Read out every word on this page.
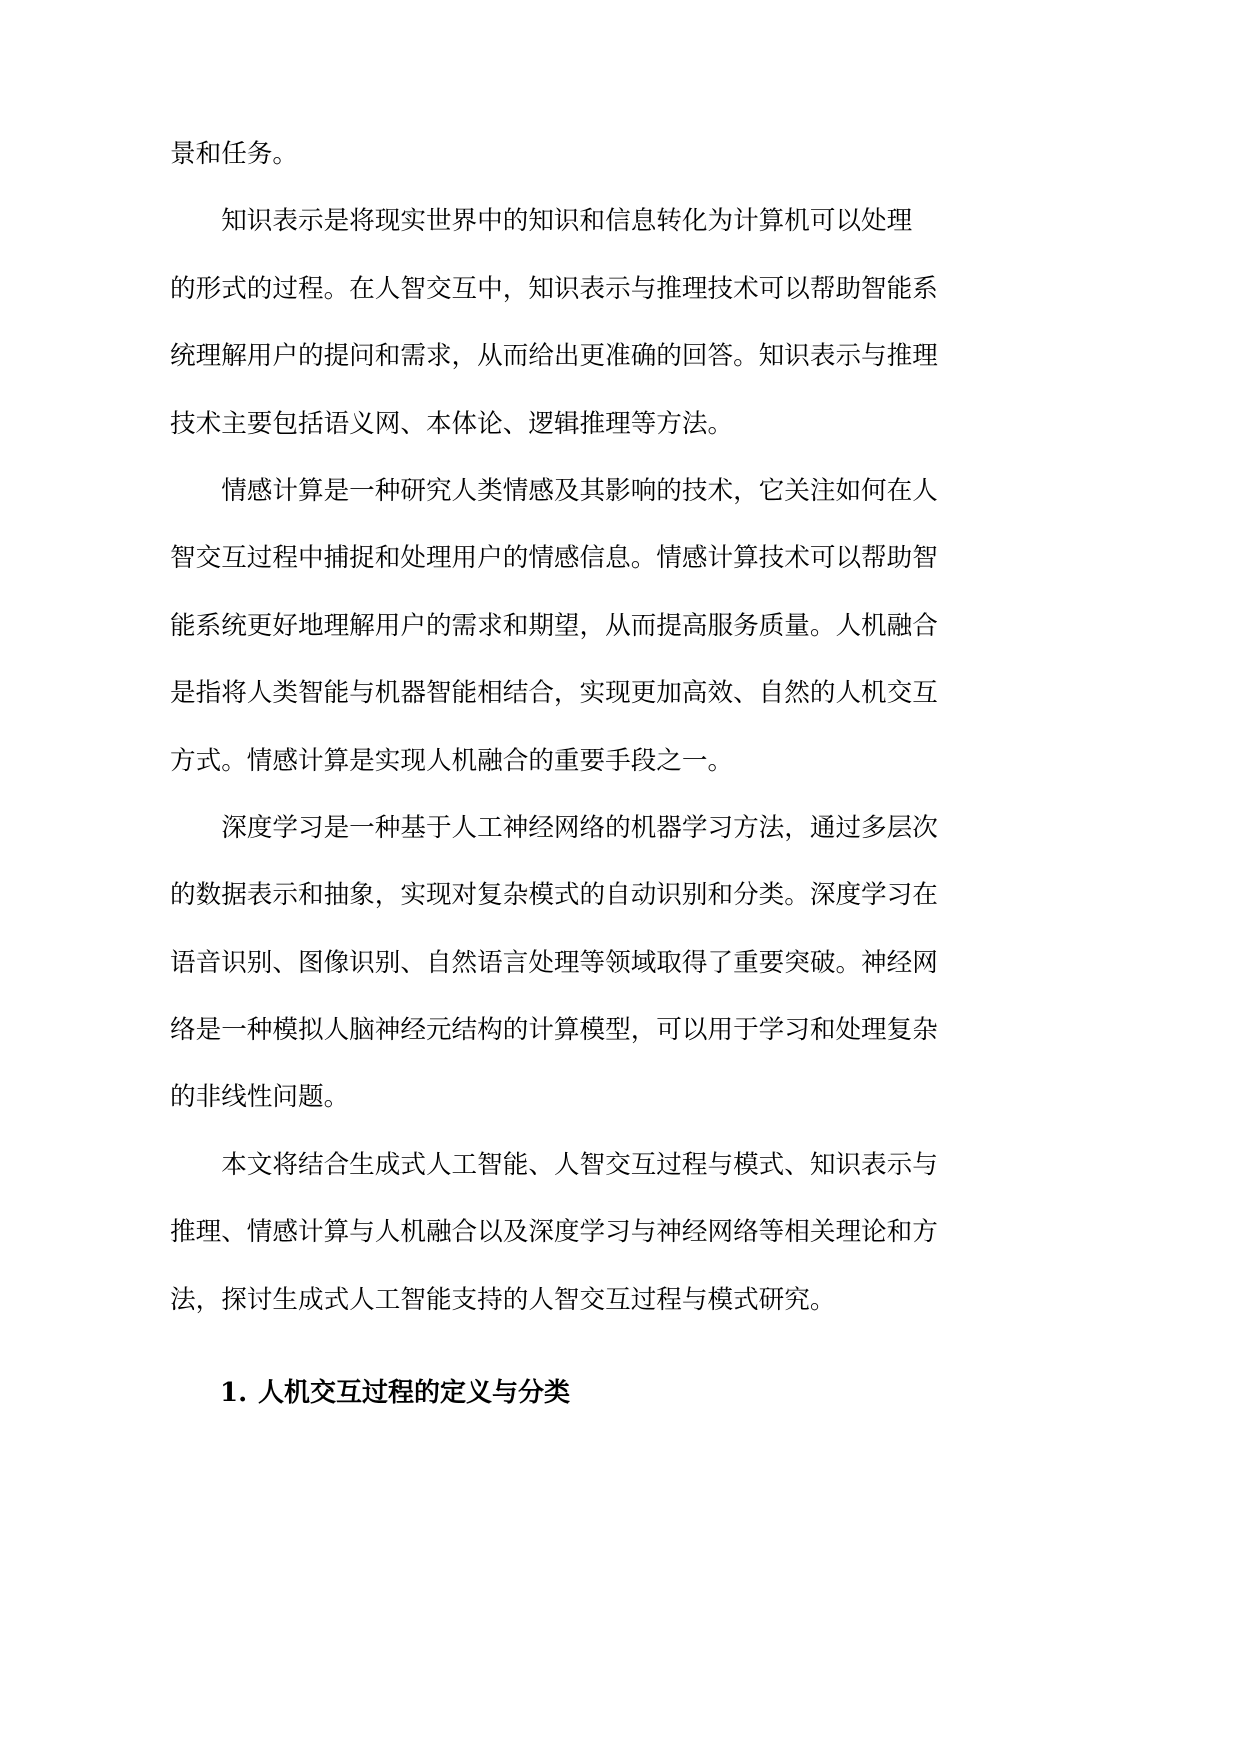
景和任务。
知识表示是将现实世界中的知识和信息转化为计算机可以处理
的形式的过程。在人智交互中，知识表示与推理技术可以帮助智能系
统理解用户的提问和需求，从而给出更准确的回答。知识表示与推理
技术主要包括语义网、本体论、逻辑推理等方法。
情感计算是一种研究人类情感及其影响的技术，它关注如何在人
智交互过程中捕捉和处理用户的情感信息。情感计算技术可以帮助智
能系统更好地理解用户的需求和期望，从而提高服务质量。人机融合
是指将人类智能与机器智能相结合，实现更加高效、自然的人机交互
方式。情感计算是实现人机融合的重要手段之一。
深度学习是一种基于人工神经网络的机器学习方法，通过多层次
的数据表示和抽象，实现对复杂模式的自动识别和分类。深度学习在
语音识别、图像识别、自然语言处理等领域取得了重要突破。神经网
络是一种模拟人脑神经元结构的计算模型，可以用于学习和处理复杂
的非线性问题。
本文将结合生成式人工智能、人智交互过程与模式、知识表示与
推理、情感计算与人机融合以及深度学习与神经网络等相关理论和方
法，探讨生成式人工智能支持的人智交互过程与模式研究。
1. 人机交互过程的定义与分类
